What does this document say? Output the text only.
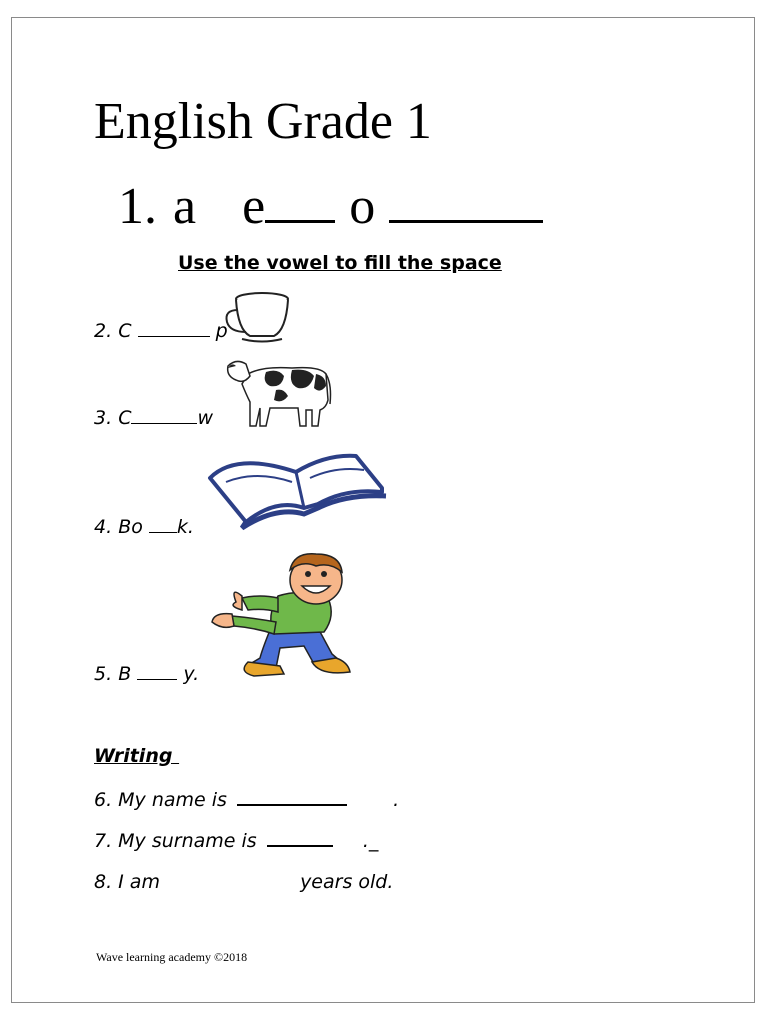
English Grade 1
1. a e o
Use the vowel to fill the space
2. C	p
3. C	w
4. Bo k.
5. B	y.
Writing
6. My name is	.
7. My surname is	._
8. I am	years old.
Wave learning academy ©2018
